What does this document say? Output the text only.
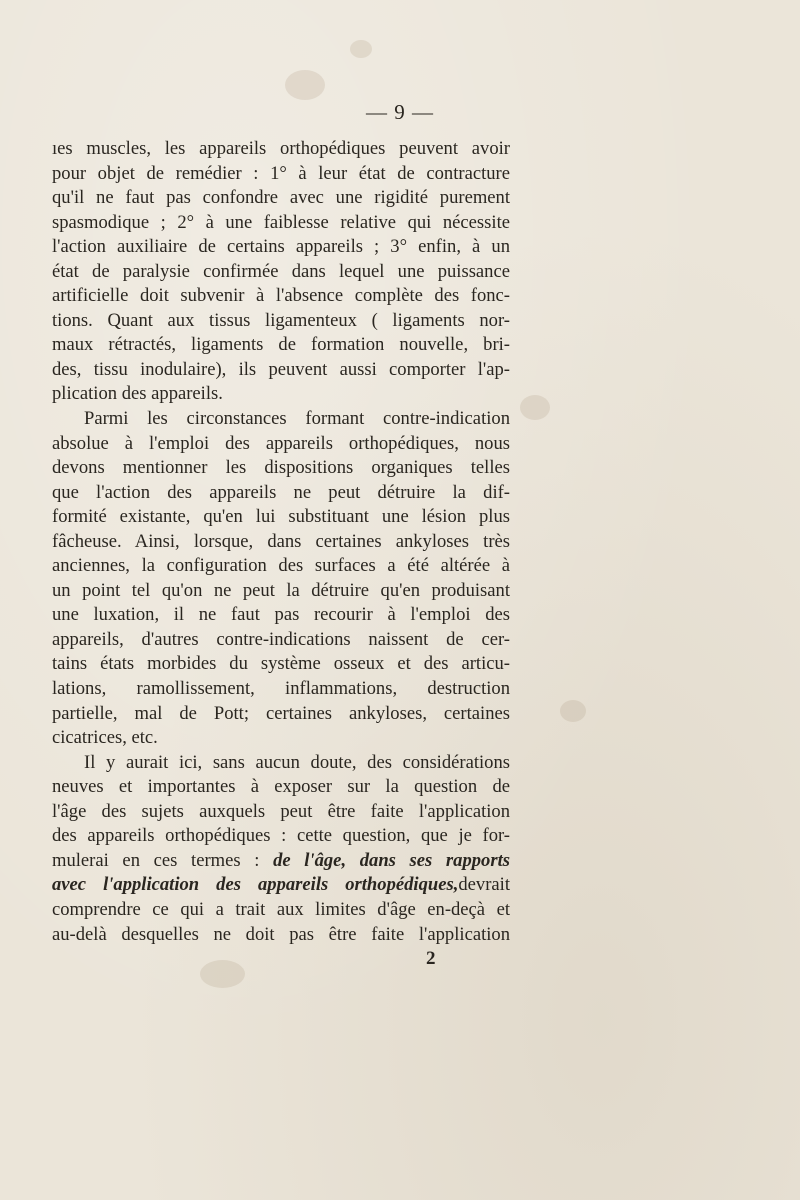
— 9 —
ıes muscles, les appareils orthopédiques peuvent avoir
pour objet de remédier : 1° à leur état de contracture
qu'il ne faut pas confondre avec une rigidité purement
spasmodique ; 2° à une faiblesse relative qui nécessite
l'action auxiliaire de certains appareils ; 3° enfin, à un
état de paralysie confirmée dans lequel une puissance
artificielle doit subvenir à l'absence complète des fonc-
tions. Quant aux tissus ligamenteux ( ligaments nor-
maux rétractés, ligaments de formation nouvelle, bri-
des, tissu inodulaire), ils peuvent aussi comporter l'ap-
plication des appareils.
Parmi les circonstances formant contre-indication
absolue à l'emploi des appareils orthopédiques, nous
devons mentionner les dispositions organiques telles
que l'action des appareils ne peut détruire la dif-
formité existante, qu'en lui substituant une lésion plus
fâcheuse. Ainsi, lorsque, dans certaines ankyloses très
anciennes, la configuration des surfaces a été altérée à
un point tel qu'on ne peut la détruire qu'en produisant
une luxation, il ne faut pas recourir à l'emploi des
appareils, d'autres contre-indications naissent de cer-
tains états morbides du système osseux et des articu-
lations, ramollissement, inflammations, destruction
partielle, mal de Pott; certaines ankyloses, certaines
cicatrices, etc.
Il y aurait ici, sans aucun doute, des considérations
neuves et importantes à exposer sur la question de
l'âge des sujets auxquels peut être faite l'application
des appareils orthopédiques : cette question, que je for-
mulerai en ces termes : de l'âge, dans ses rapports
avec l'application des appareils orthopédiques,devrait
comprendre ce qui a trait aux limites d'âge en-deçà et
au-delà desquelles ne doit pas être faite l'application
2
